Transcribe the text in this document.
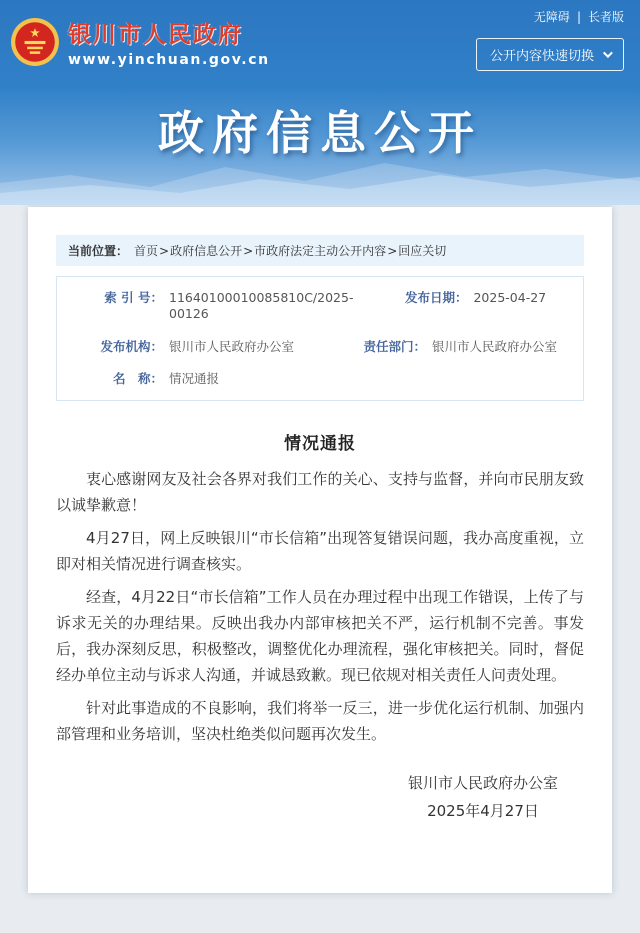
★ 银川市人民政府
www.yinchuan.gov.cn
无障碍 | 长者版
公开内容快速切换
政府信息公开
当前位置： 首页 > 政府信息公开 > 市政府法定主动公开内容 > 回应关切
索 引 号： 11640100010085810C/2025-00126
发布日期： 2025-04-27
发布机构： 银川市人民政府办公室	责任部门： 银川市人民政府办公室
名　称： 情况通报
情况通报

衷心感谢网友及社会各界对我们工作的关心、支持与监督，并向市民朋友致以诚挚歉意！

4月27日，网上反映银川“市长信箱”出现答复错误问题，我办高度重视，立即对相关情况进行调查核实。

经查，4月22日“市长信箱”工作人员在办理过程中出现工作错误，上传了与诉求无关的办理结果。反映出我办内部审核把关不严，运行机制不完善。事发后，我办深刻反思，积极整改，调整优化办理流程，强化审核把关。同时，督促经办单位主动与诉求人沟通，并诚恳致歉。现已依规对相关责任人问责处理。

针对此事造成的不良影响，我们将举一反三，进一步优化运行机制、加强内部管理和业务培训，坚决杜绝类似问题再次发生。

银川市人民政府办公室
2025年4月27日
